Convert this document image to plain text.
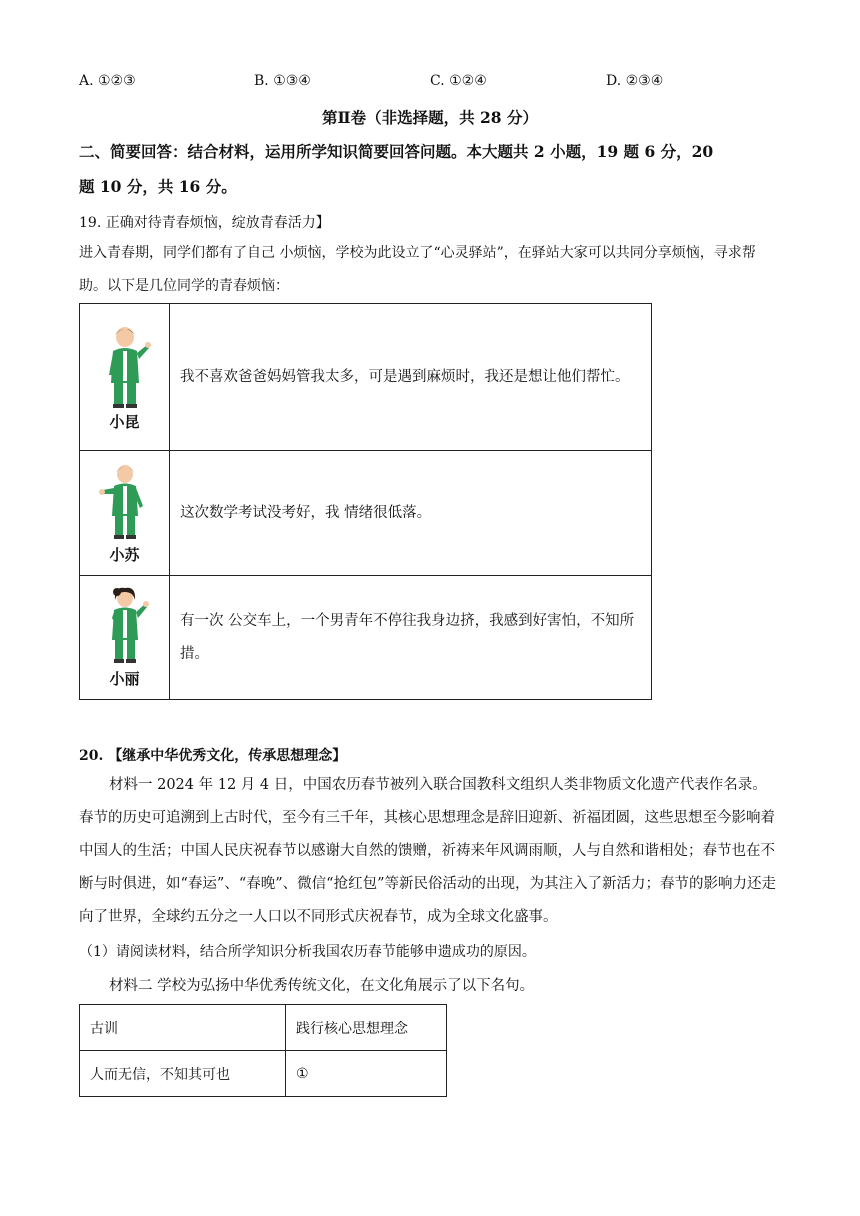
A. ①②③	B. ①③④	C. ①②④	D. ②③④
第Ⅱ卷（非选择题，共 28 分）
二、简要回答：结合材料，运用所学知识简要回答问题。本大题共 2 小题，19 题 6 分，20
题 10 分，共 16 分。
19. 正确对待青春烦恼，绽放青春活力】
进入青春期，同学们都有了自己 小烦恼，学校为此设立了“心灵驿站”，在驿站大家可以共同分享烦恼，寻求帮助。以下是几位同学的青春烦恼：
小昆	我不喜欢爸爸妈妈管我太多，可是遇到麻烦时，我还是想让他们帮忙。

小苏	这次数学考试没考好，我 情绪很低落。

小丽	有一次 公交车上，一个男青年不停往我身边挤，我感到好害怕，不知所措。
20. 【继承中华优秀文化，传承思想理念】
材料一 2024 年 12 月 4 日，中国农历春节被列入联合国教科文组织人类非物质文化遗产代表作名录。春节的历史可追溯到上古时代，至今有三千年，其核心思想理念是辞旧迎新、祈福团圆，这些思想至今影响着中国人的生活；中国人民庆祝春节以感谢大自然的馈赠，祈祷来年风调雨顺，人与自然和谐相处；春节也在不断与时俱进，如“春运”、“春晚”、微信“抢红包”等新民俗活动的出现，为其注入了新活力；春节的影响力还走向了世界，全球约五分之一人口以不同形式庆祝春节，成为全球文化盛事。
（1）请阅读材料，结合所学知识分析我国农历春节能够申遗成功的原因。
材料二 学校为弘扬中华优秀传统文化，在文化角展示了以下名句。
古训	践行核心思想理念
人而无信，不知其可也	①
